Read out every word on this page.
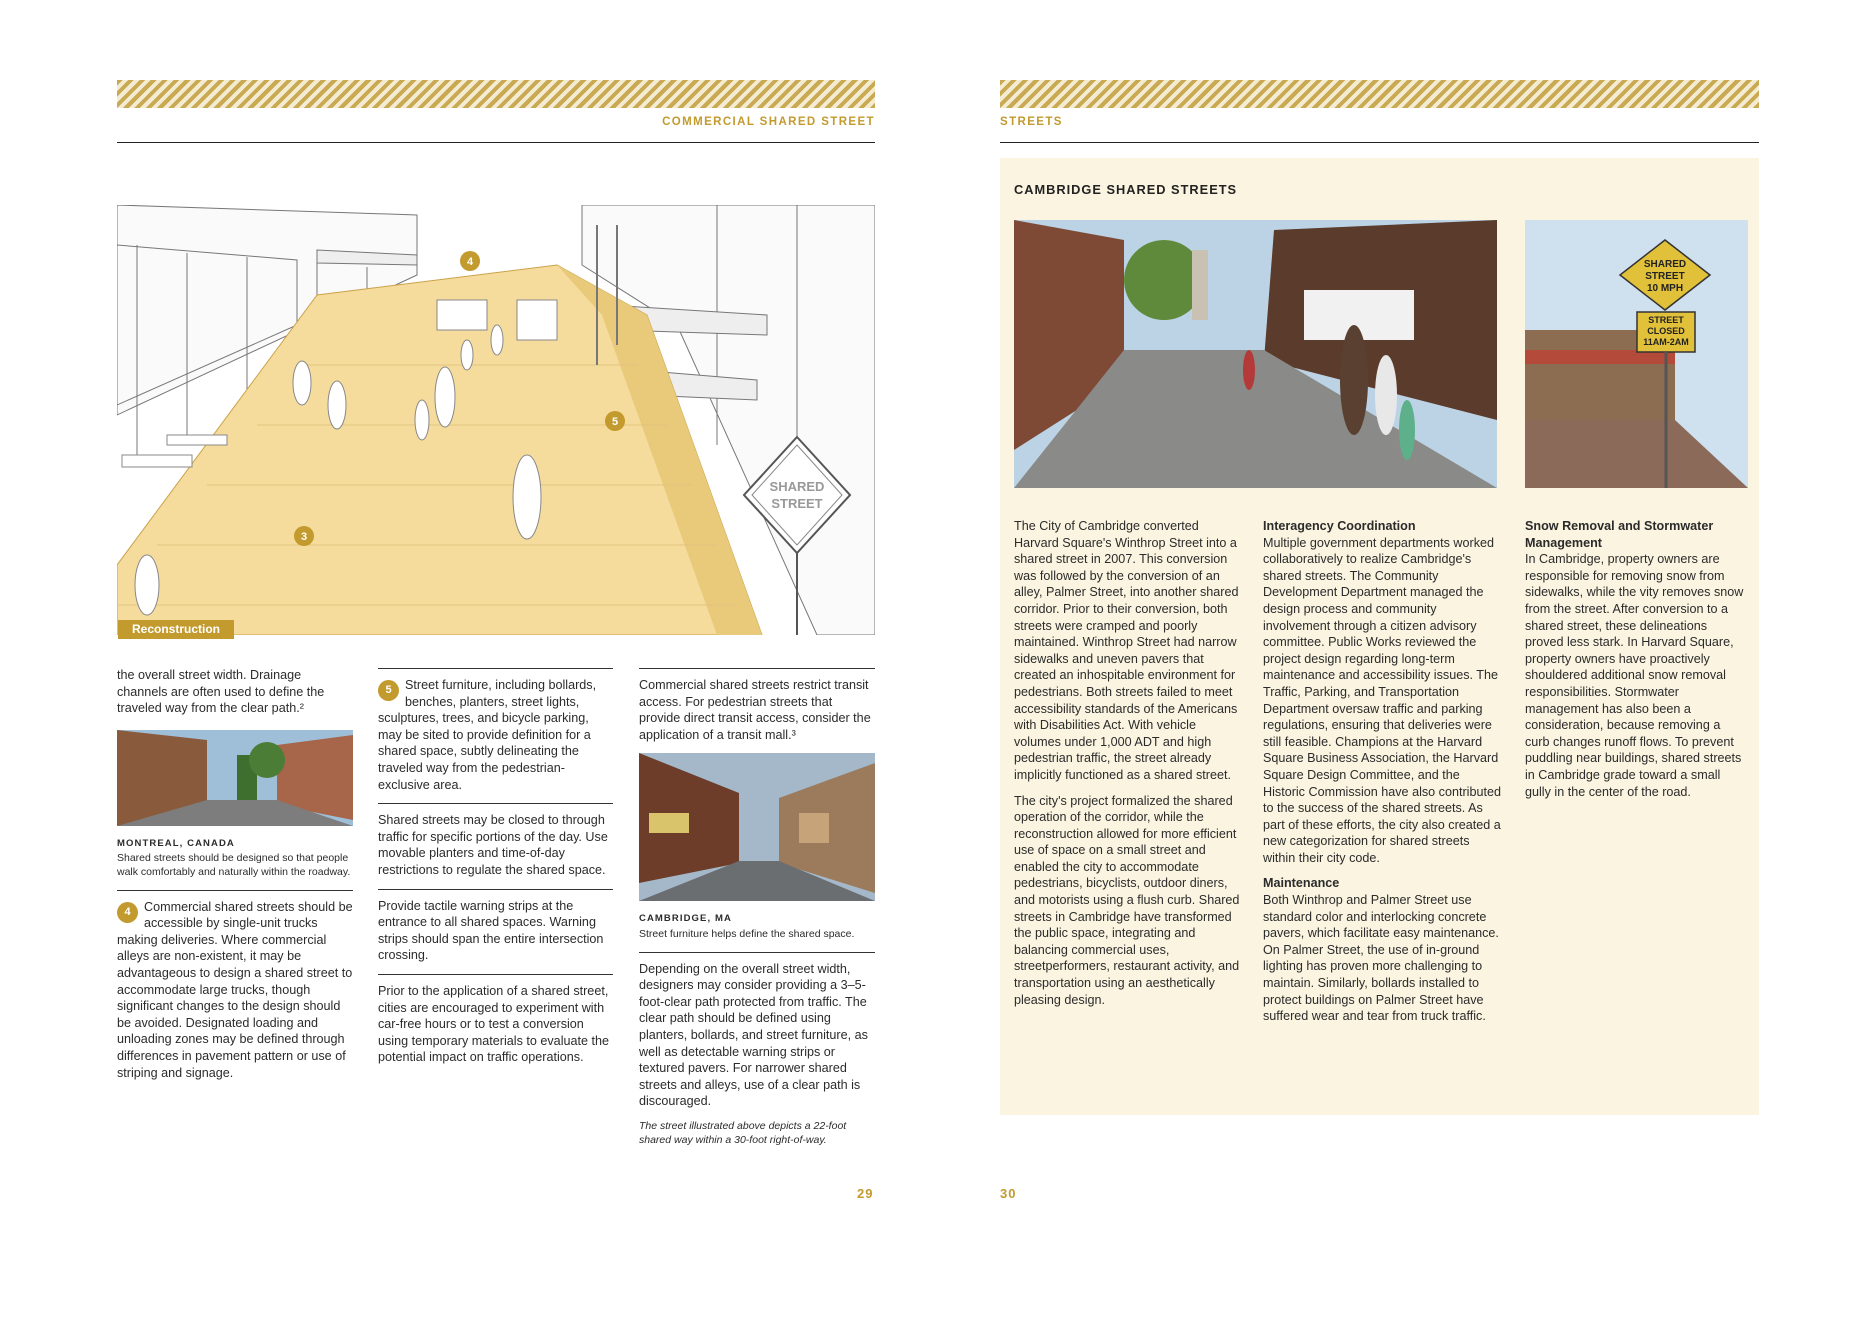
COMMERCIAL SHARED STREET
4
5
3
SHARED
STREET
Reconstruction

the overall street width. Drainage channels are often used to define the traveled way from the clear path.²

MONTREAL, CANADA
Shared streets should be designed so that people walk comfortably and naturally within the roadway.
4	Commercial shared streets should be accessible by single-unit trucks making deliveries. Where commercial alleys are non-existent, it may be advantageous to design a shared street to accommodate large trucks, though significant changes to the design should be avoided. Designated loading and unloading zones may be defined through differences in pavement pattern or use of striping and signage.

5	Street furniture, including bollards, benches, planters, street lights, sculptures, trees, and bicycle parking, may be sited to provide definition for a shared space, subtly delineating the traveled way from the pedestrian-exclusive area.

Shared streets may be closed to through traffic for specific portions of the day. Use movable planters and time-of-day restrictions to regulate the shared space.

Provide tactile warning strips at the entrance to all shared spaces. Warning strips should span the entire intersection crossing.

Prior to the application of a shared street, cities are encouraged to experiment with car-free hours or to test a conversion using temporary materials to evaluate the potential impact on traffic operations.

Commercial shared streets restrict transit access. For pedestrian streets that provide direct transit access, consider the application of a transit mall.³

CAMBRIDGE, MA
Street furniture helps define the shared space.

Depending on the overall street width, designers may consider providing a 3–5-foot-clear path protected from traffic. The clear path should be defined using planters, bollards, and street furniture, as well as detectable warning strips or textured pavers. For narrower shared streets and alleys, use of a clear path is discouraged.

The street illustrated above depicts a 22-foot shared way within a 30-foot right-of-way.

29
STREETS
CAMBRIDGE SHARED STREETS
SHARED
STREET
10 MPH
STREET
CLOSED
11AM-2AM

The City of Cambridge converted Harvard Square's Winthrop Street into a shared street in 2007. This conversion was followed by the conversion of an alley, Palmer Street, into another shared corridor. Prior to their conversion, both streets were cramped and poorly maintained. Winthrop Street had narrow sidewalks and uneven pavers that created an inhospitable environment for pedestrians. Both streets failed to meet accessibility standards of the Americans with Disabilities Act. With vehicle volumes under 1,000 ADT and high pedestrian traffic, the street already implicitly functioned as a shared street.

The city's project formalized the shared operation of the corridor, while the reconstruction allowed for more efficient use of space on a small street and enabled the city to accommodate pedestrians, bicyclists, outdoor diners, and motorists using a flush curb. Shared streets in Cambridge have transformed the public space, integrating and balancing commercial uses, streetperformers, restaurant activity, and transportation using an aesthetically pleasing design.

Interagency Coordination

Multiple government departments worked collaboratively to realize Cambridge's shared streets. The Community Development Department managed the design process and community involvement through a citizen advisory committee. Public Works reviewed the project design regarding long-term maintenance and accessibility issues. The Traffic, Parking, and Transportation Department oversaw traffic and parking regulations, ensuring that deliveries were still feasible. Champions at the Harvard Square Business Association, the Harvard Square Design Committee, and the Historic Commission have also contributed to the success of the shared streets. As part of these efforts, the city also created a new categorization for shared streets within their city code.

Maintenance

Both Winthrop and Palmer Street use standard color and interlocking concrete pavers, which facilitate easy maintenance. On Palmer Street, the use of in-ground lighting has proven more challenging to maintain. Similarly, bollards installed to protect buildings on Palmer Street have suffered wear and tear from truck traffic.

Snow Removal and Stormwater Management

In Cambridge, property owners are responsible for removing snow from sidewalks, while the vity removes snow from the street. After conversion to a shared street, these delineations proved less stark. In Harvard Square, property owners have proactively shouldered additional snow removal responsibilities. Stormwater management has also been a consideration, because removing a curb changes runoff flows. To prevent puddling near buildings, shared streets in Cambridge grade toward a small gully in the center of the road.

30
